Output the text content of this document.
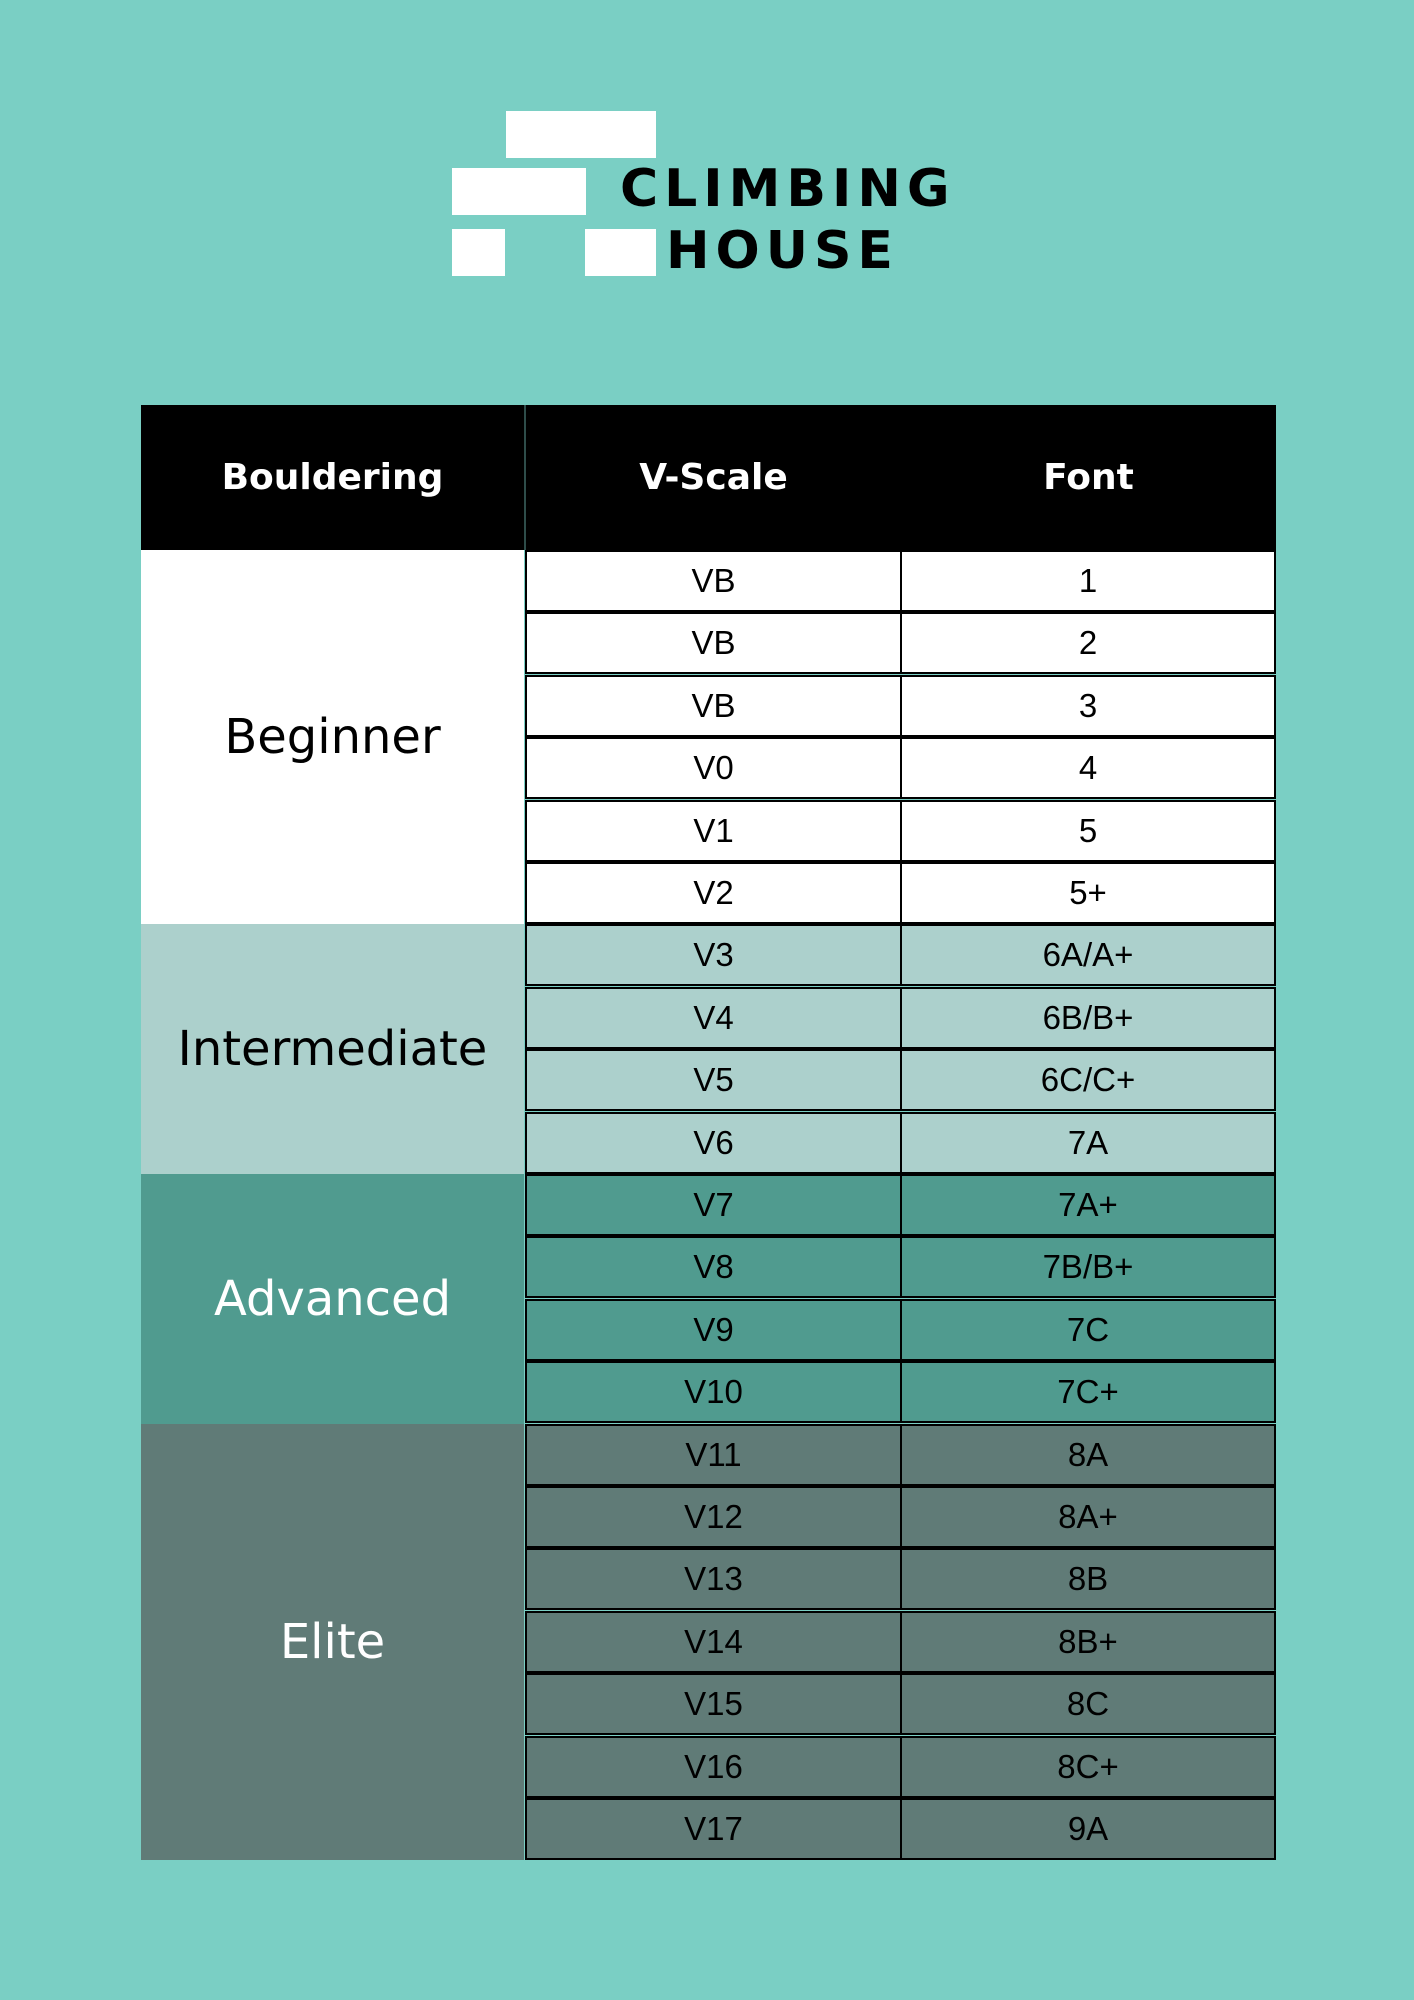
CLIMBING
HOUSE
Bouldering	V-Scale	Font
Beginner
VB	1
VB	2
VB	3
V0	4
V1	5
V2	5+
Intermediate
V3	6A/A+
V4	6B/B+
V5	6C/C+
V6	7A
Advanced
V7	7A+
V8	7B/B+
V9	7C
V10	7C+
Elite
V11	8A
V12	8A+
V13	8B
V14	8B+
V15	8C
V16	8C+
V17	9A
